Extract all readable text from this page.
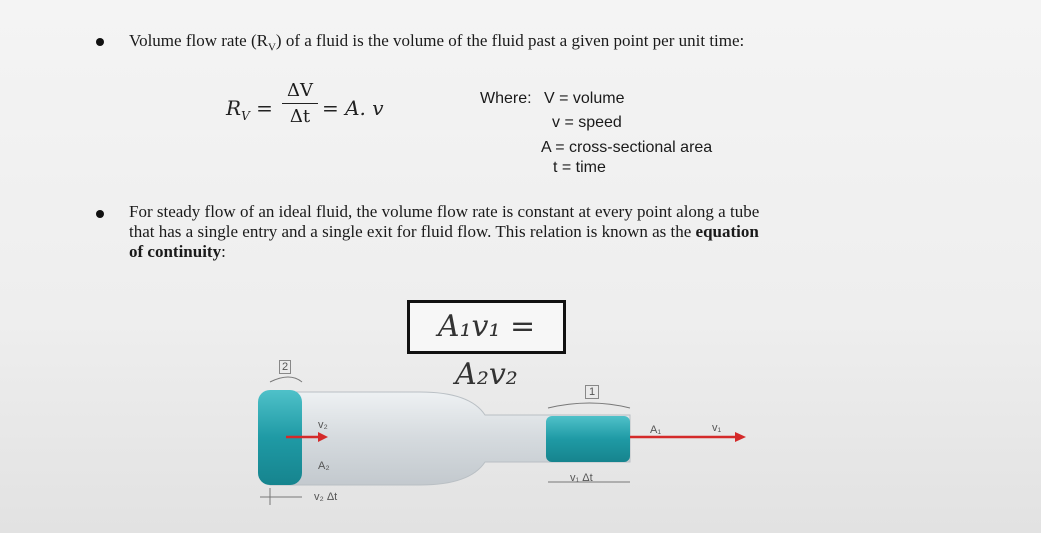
Volume flow rate $(R_V)$ of a fluid is the volume of the fluid past a given point per unit time:
$R_V$ =
ΔV
Δt = A. v	Where: V = volume
v = speed
A = cross-sectional area
t = time
For steady flow of an ideal fluid, the volume flow rate is constant at every point along a tube
that has a single entry and a single exit for fluid flow. This relation is known as the equation
of continuity:
A₁v₁ = A₂v₂
2
1
v₂
A₂
v₂ Δt
A₁	v₁
v₁ Δt
